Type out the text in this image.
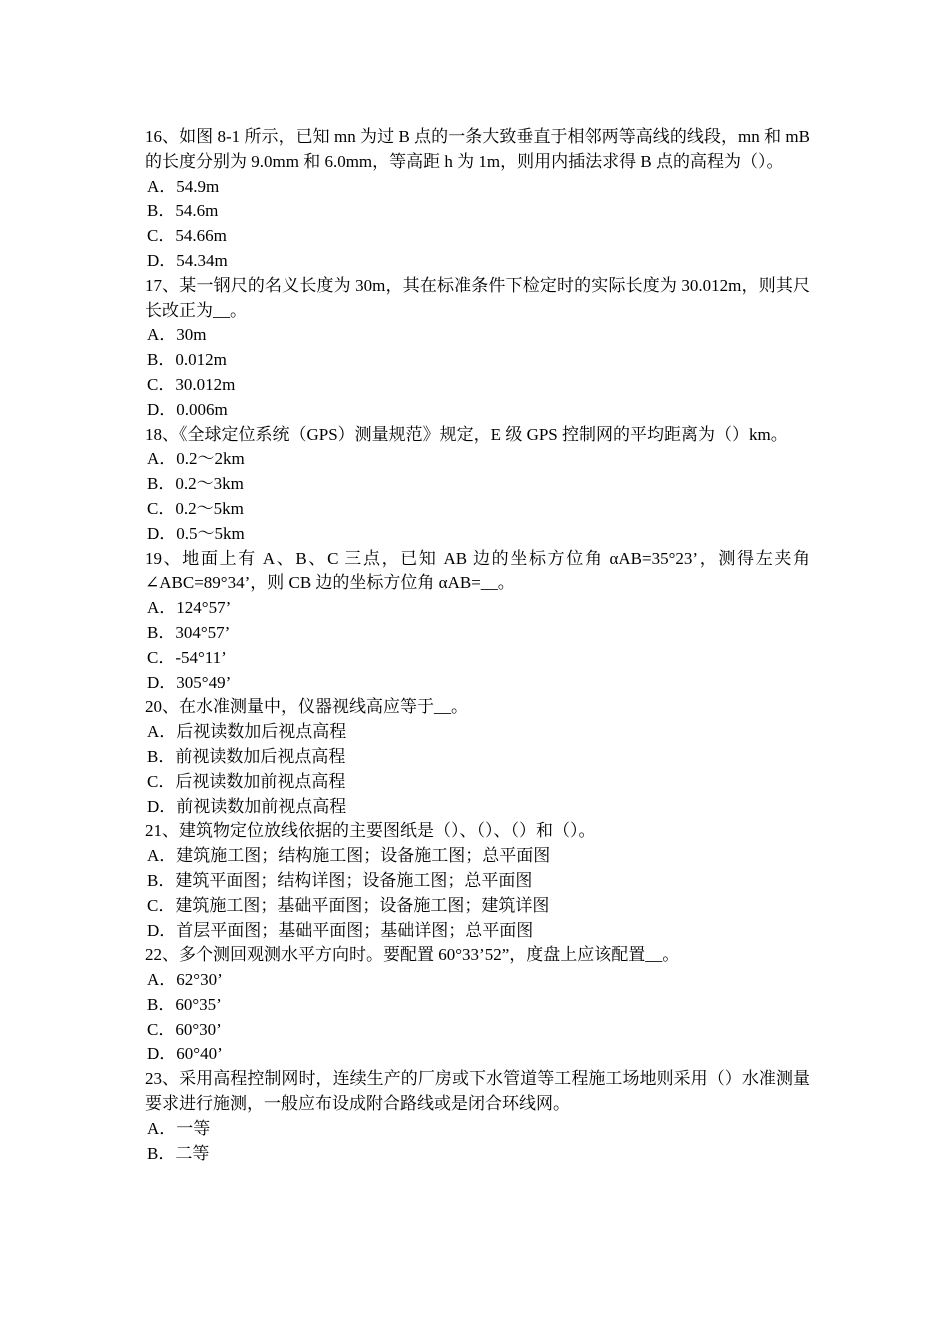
16、如图 8-1 所示，已知 mn 为过 B 点的一条大致垂直于相邻两等高线的线段，mn 和 mB 的长度分别为 9.0mm 和 6.0mm，等高距 h 为 1m，则用内插法求得 B 点的高程为（）。

A．54.9m
B．54.6m
C．54.66m
D．54.34m

17、某一钢尺的名义长度为 30m，其在标准条件下检定时的实际长度为 30.012m，则其尺长改正为__。

A．30m
B．0.012m
C．30.012m
D．0.006m

18、《全球定位系统（GPS）测量规范》规定，E 级 GPS 控制网的平均距离为（）km。

A．0.2～2km
B．0.2～3km
C．0.2～5km
D．0.5～5km

19、地面上有 A、B、C 三点，已知 AB 边的坐标方位角 αAB=35°23’，测得左夹角∠ABC=89°34’，则 CB 边的坐标方位角 αAB=__。

A．124°57’
B．304°57’
C．-54°11’
D．305°49’

20、在水准测量中，仪器视线高应等于__。

A．后视读数加后视点高程
B．前视读数加后视点高程
C．后视读数加前视点高程
D．前视读数加前视点高程

21、建筑物定位放线依据的主要图纸是（）、（）、（）和（）。

A．建筑施工图；结构施工图；设备施工图；总平面图
B．建筑平面图；结构详图；设备施工图；总平面图
C．建筑施工图；基础平面图；设备施工图；建筑详图
D．首层平面图；基础平面图；基础详图；总平面图

22、多个测回观测水平方向时。要配置 60°33’52”，度盘上应该配置__。

A．62°30’
B．60°35’
C．60°30’
D．60°40’

23、采用高程控制网时，连续生产的厂房或下水管道等工程施工场地则采用（）水准测量要求进行施测，一般应布设成附合路线或是闭合环线网。

A．一等
B．二等
